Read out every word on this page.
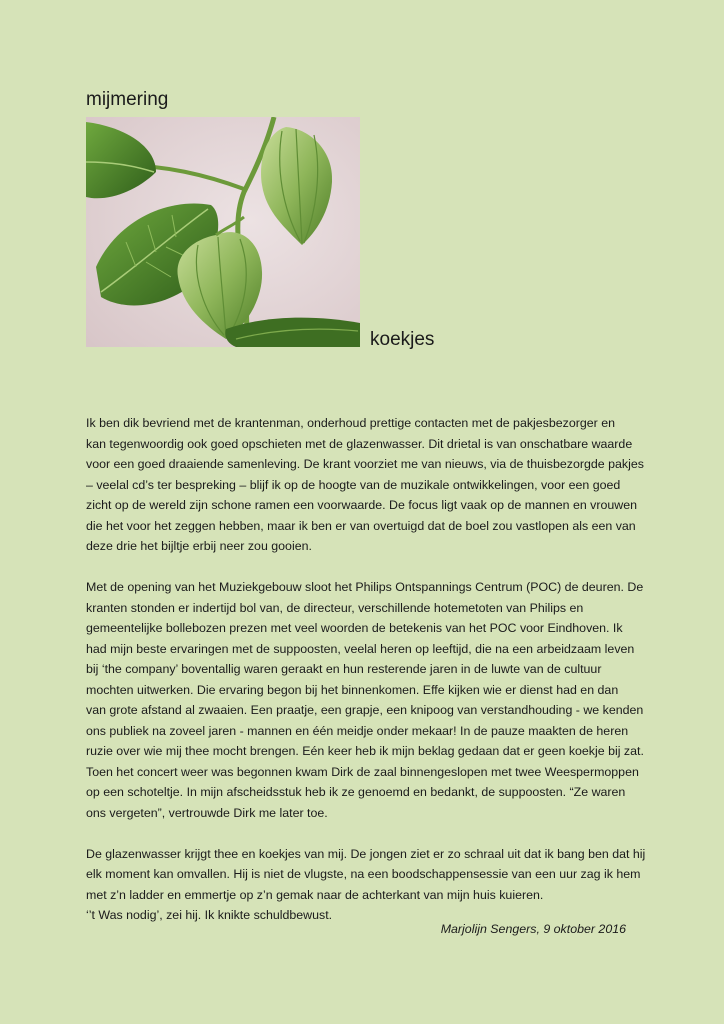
mijmering
koekjes

Ik ben dik bevriend met de krantenman, onderhoud prettige contacten met de pakjesbezorger en
kan tegenwoordig ook goed opschieten met de glazenwasser. Dit drietal is van onschatbare waarde
voor een goed draaiende samenleving. De krant voorziet me van nieuws, via de thuisbezorgde pakjes
– veelal cd’s ter bespreking – blijf ik op de hoogte van de muzikale ontwikkelingen, voor een goed
zicht op de wereld zijn schone ramen een voorwaarde. De focus ligt vaak op de mannen en vrouwen
die het voor het zeggen hebben, maar ik ben er van overtuigd dat de boel zou vastlopen als een van
deze drie het bijltje erbij neer zou gooien.

Met de opening van het Muziekgebouw sloot het Philips Ontspannings Centrum (POC) de deuren. De
kranten stonden er indertijd bol van, de directeur, verschillende hotemetoten van Philips en
gemeentelijke bollebozen prezen met veel woorden de betekenis van het POC voor Eindhoven. Ik
had mijn beste ervaringen met de suppoosten, veelal heren op leeftijd, die na een arbeidzaam leven
bij ‘the company’ boventallig waren geraakt en hun resterende jaren in de luwte van de cultuur
mochten uitwerken. Die ervaring begon bij het binnenkomen. Effe kijken wie er dienst had en dan
van grote afstand al zwaaien. Een praatje, een grapje, een knipoog van verstandhouding - we kenden
ons publiek na zoveel jaren - mannen en één meidje onder mekaar! In de pauze maakten de heren
ruzie over wie mij thee mocht brengen. Eén keer heb ik mijn beklag gedaan dat er geen koekje bij zat.
Toen het concert weer was begonnen kwam Dirk de zaal binnengeslopen met twee Weespermoppen
op een schoteltje. In mijn afscheidsstuk heb ik ze genoemd en bedankt, de suppoosten. “Ze waren
ons vergeten”, vertrouwde Dirk me later toe.

De glazenwasser krijgt thee en koekjes van mij. De jongen ziet er zo schraal uit dat ik bang ben dat hij
elk moment kan omvallen. Hij is niet de vlugste, na een boodschappensessie van een uur zag ik hem
met z’n ladder en emmertje op z’n gemak naar de achterkant van mijn huis kuieren.
‘’t Was nodig’, zei hij. Ik knikte schuldbewust.

Marjolijn Sengers, 9 oktober 2016
